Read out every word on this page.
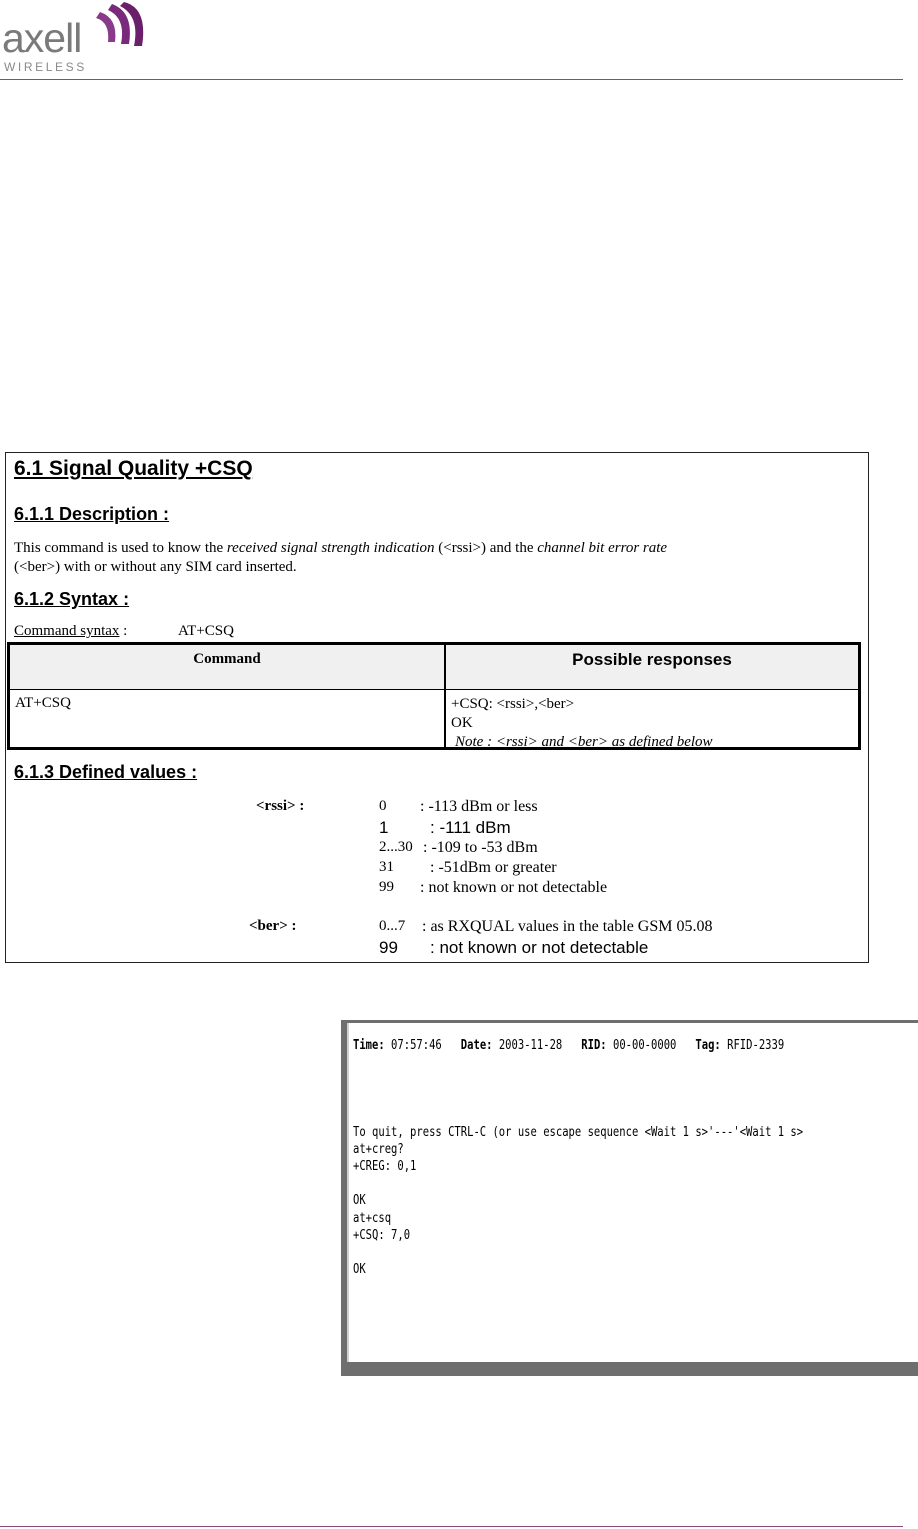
axell
WIRELESS
6.1 Signal Quality +CSQ
6.1.1 Description :
This command is used to know the received signal strength indication (<rssi>) and the channel bit error rate
(<ber>) with or without any SIM card inserted.
6.1.2 Syntax :
Command syntax :	AT+CSQ
Command	Possible responses
AT+CSQ	+CSQ: <rssi>,<ber>
OK
Note : <rssi> and <ber> as defined below
6.1.3 Defined values :
<rssi> :	0 : -113 dBm or less
1 : -111 dBm
2...30 : -109 to -53 dBm
31 : -51dBm or greater
99 : not known or not detectable
<ber> :	0...7 : as RXQUAL values in the table GSM 05.08
99 : not known or not detectable
Time: 07:57:46 Date: 2003-11-28 RID: 00-00-0000 Tag: RFID-2339
To quit, press CTRL-C (or use escape sequence <Wait 1 s>'---'<Wait 1 s>
at+creg?
+CREG: 0,1
OK
at+csq
+CSQ: 7,0
OK
